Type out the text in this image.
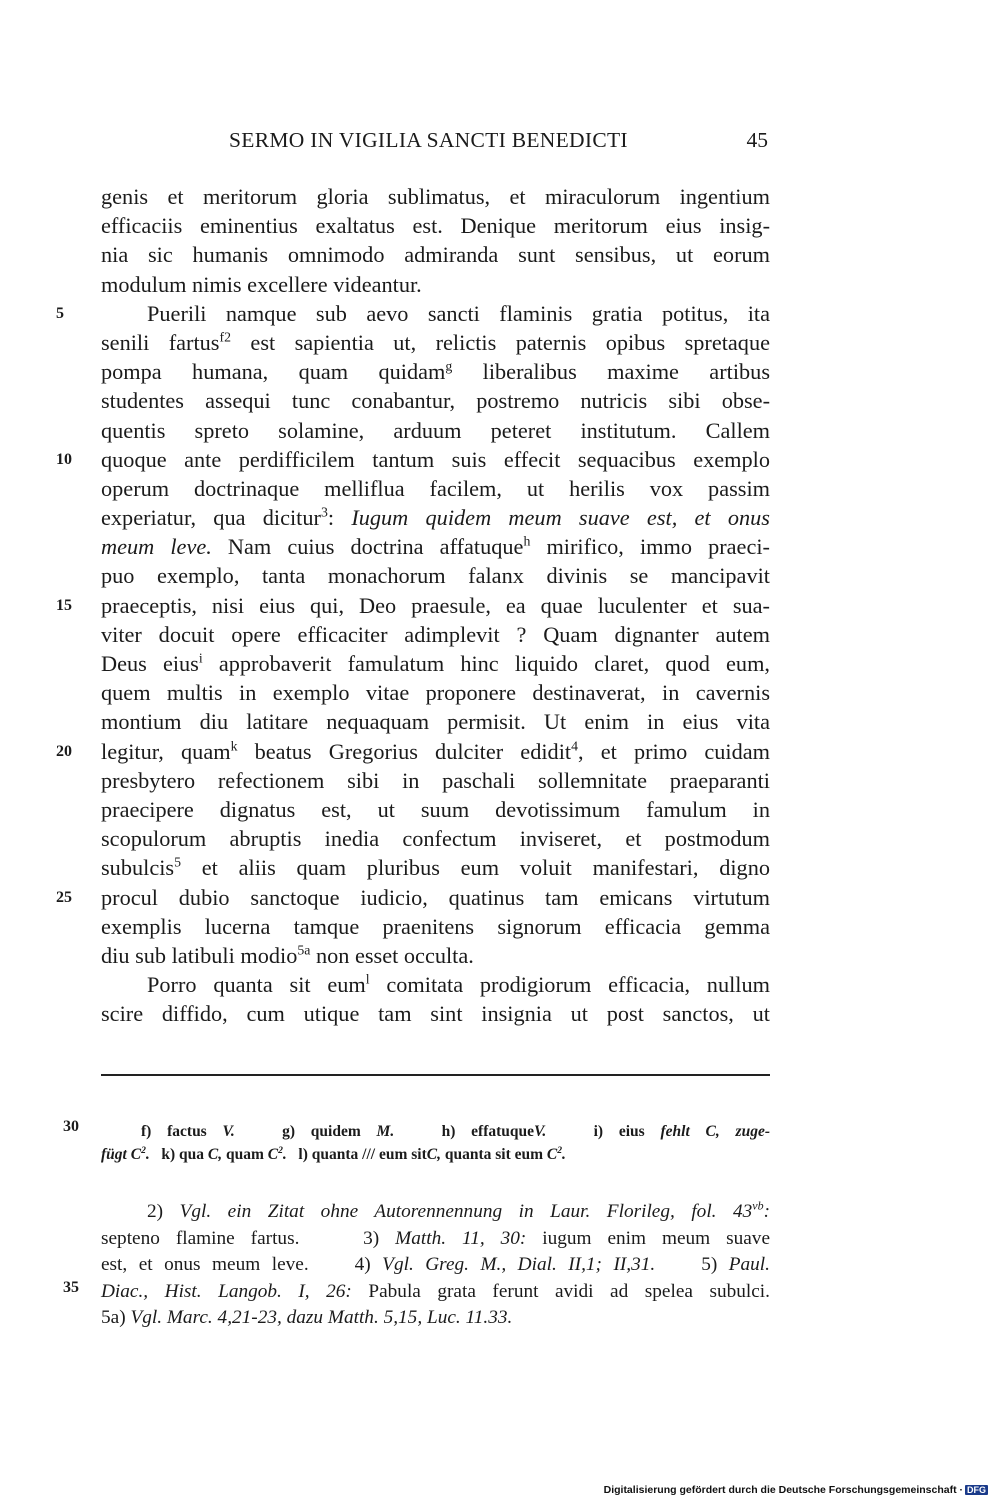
SERMO IN VIGILIA SANCTI BENEDICTI	45
genis et meritorum gloria sublimatus, et miraculorum ingentium
efficaciis eminentius exaltatus est. Denique meritorum eius insig-
nia sic humanis omnimodo admiranda sunt sensibus, ut eorum
modulum nimis excellere videantur.
Puerili namque sub aevo sancti flaminis gratia potitus, ita
5
senili fartus$^{f2}$ est sapientia ut, relictis paternis opibus spretaque
pompa humana, quam quidam$^g$ liberalibus maxime artibus
studentes assequi tunc conabantur, postremo nutricis sibi obse-
quentis spreto solamine, arduum peteret institutum. Callem
quoque ante perdifficilem tantum suis effecit sequacibus exemplo
10
operum doctrinaque melliflua facilem, ut herilis vox passim
experiatur, qua dicitur$^3$: Iugum quidem meum suave est, et onus
meum leve. Nam cuius doctrina affatuque$^h$ mirifico, immo praeci-
puo exemplo, tanta monachorum falanx divinis se mancipavit
praeceptis, nisi eius qui, Deo praesule, ea quae luculenter et sua-
15
viter docuit opere efficaciter adimplevit ? Quam dignanter autem
Deus eius$^i$ approbaverit famulatum hinc liquido claret, quod eum,
quem multis in exemplo vitae proponere destinaverat, in cavernis
montium diu latitare nequaquam permisit. Ut enim in eius vita
legitur, quam$^k$ beatus Gregorius dulciter edidit$^4$, et primo cuidam
20
presbytero refectionem sibi in paschali sollemnitate praeparanti
praecipere dignatus est, ut suum devotissimum famulum in
scopulorum abruptis inedia confectum inviseret, et postmodum
subulcis$^5$ et aliis quam pluribus eum voluit manifestari, digno
procul dubio sanctoque iudicio, quatinus tam emicans virtutum
25
exemplis lucerna tamque praenitens signorum efficacia gemma
diu sub latibuli modio$^{5a}$ non esset occulta.
Porro quanta sit eum$^l$ comitata prodigiorum efficacia, nullum
scire diffido, cum utique tam sint insignia ut post sanctos, ut
f) factus V.   g) quidem M.   h) effatuqueV.   i) eius fehlt C, zuge-
30
fügt $C^2$.   k) qua C, quam $C^2$.   l) quanta /// eum sitC, quanta sit eum $C^2$.
2) Vgl. ein Zitat ohne Autorennennung in Laur. Florileg, fol. $43^{vb}$:
septeno flamine fartus.    3) Matth. 11, 30: iugum enim meum suave
est, et onus meum leve.    4) Vgl. Greg. M., Dial. II,1; II,31.    5) Paul.
Diac., Hist. Langob. I, 26: Pabula grata ferunt avidi ad spelea subulci.
35
5a) Vgl. Marc. 4,21-23, dazu Matth. 5,15, Luc. 11.33.
Digitalisierung gefördert durch die Deutsche Forschungsgemeinschaft · DFG
